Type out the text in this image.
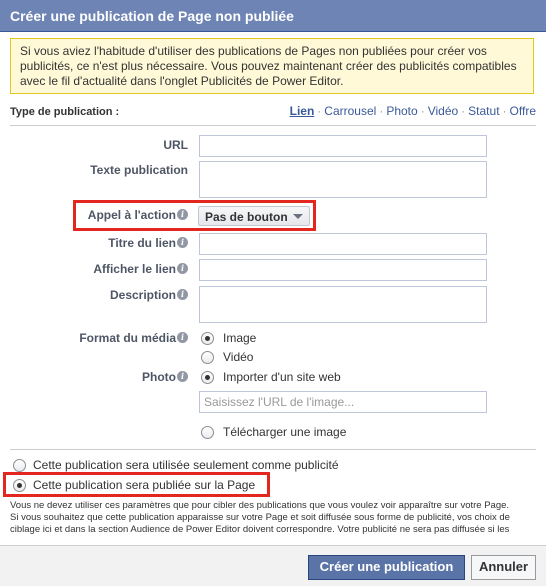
Créer une publication de Page non publiée
Si vous aviez l'habitude d'utiliser des publications de Pages non publiées pour créer vos
publicités, ce n'est plus nécessaire. Vous pouvez maintenant créer des publicités compatibles
avec le fil d'actualité dans l'onglet Publicités de Power Editor.
Type de publication :	Lien · Carrousel · Photo · Vidéo · Statut · Offre
URL
Texte publication
Appel à l'action i	Pas de bouton
Titre du lien i
Afficher le lien i
Description i
Format du média i	Image
Vidéo
Photo i	Importer d'un site web
Saisissez l'URL de l'image...
Télécharger une image
Cette publication sera utilisée seulement comme publicité
Cette publication sera publiée sur la Page
Vous ne devez utiliser ces paramètres que pour cibler des publications que vous voulez voir apparaître sur votre Page.
Si vous souhaitez que cette publication apparaisse sur votre Page et soit diffusée sous forme de publicité, vos choix de
ciblage ici et dans la section Audience de Power Editor doivent correspondre. Votre publicité ne sera pas diffusée si les
Créer une publication	Annuler
